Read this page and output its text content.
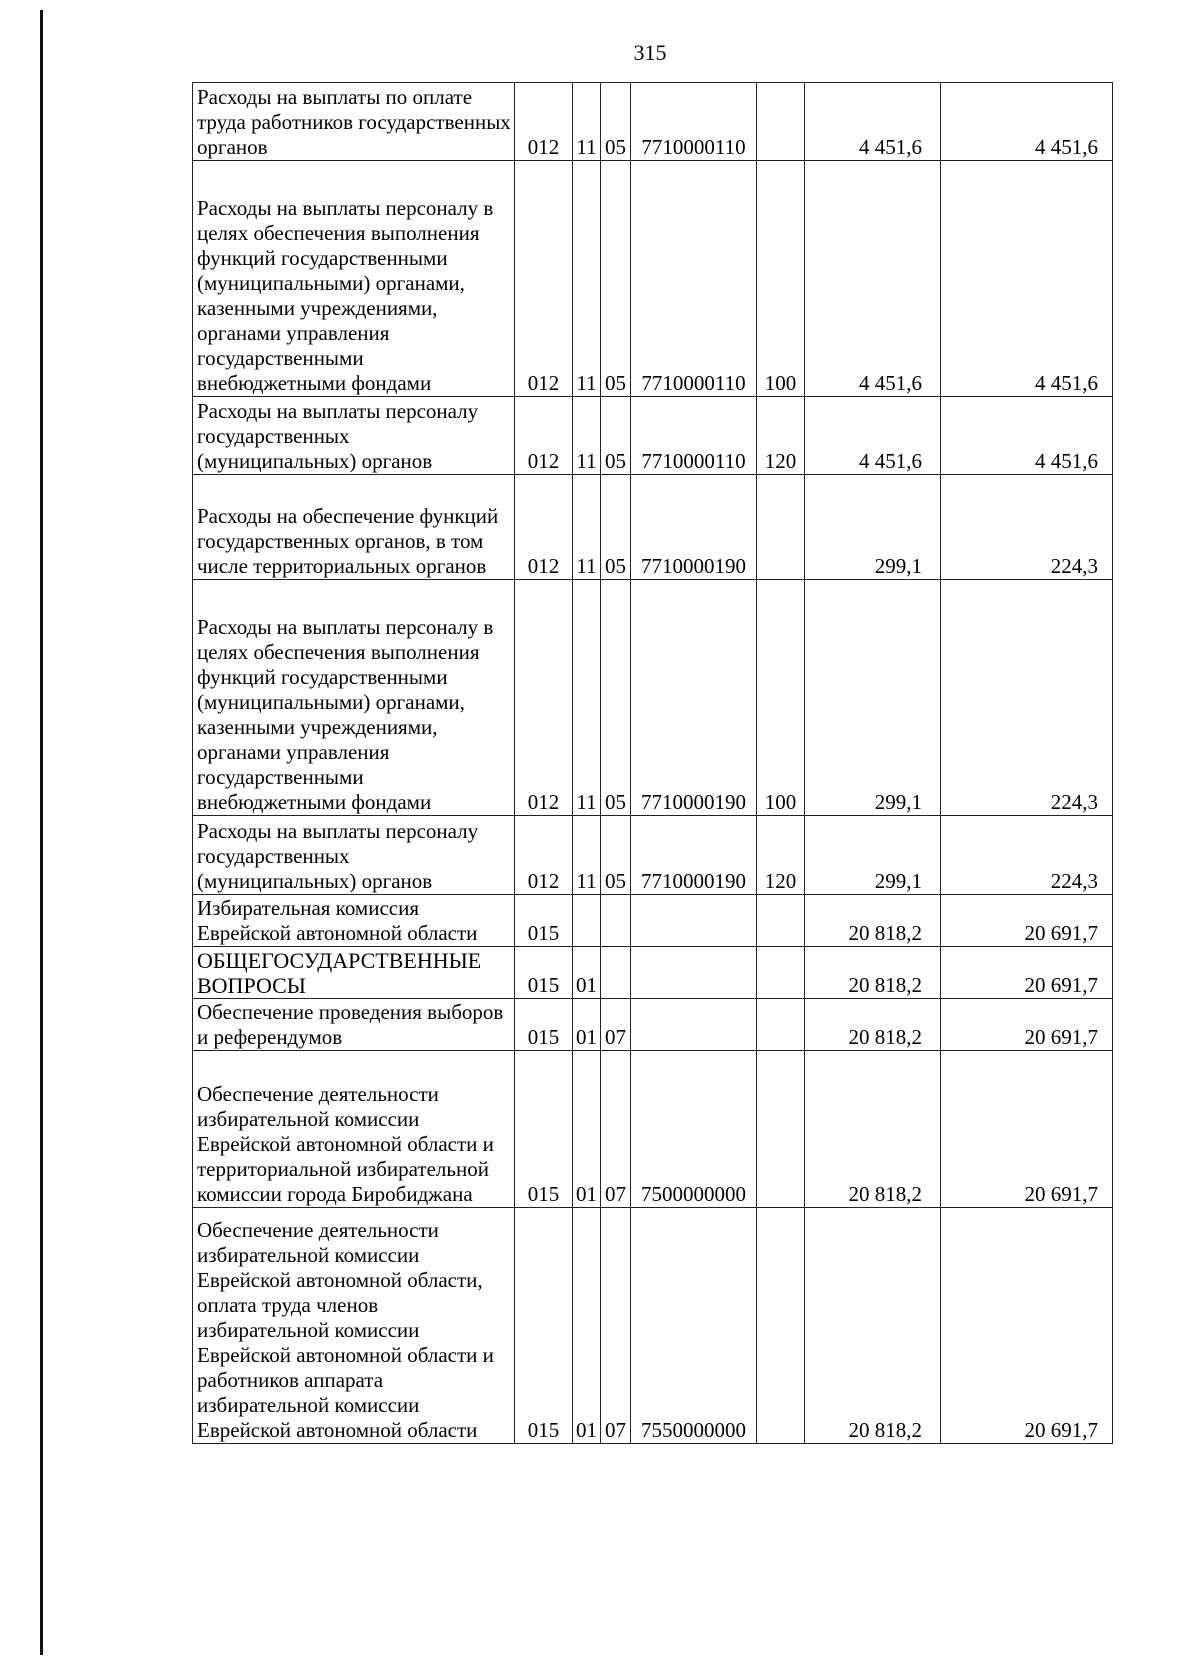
315
Расходы на выплаты по оплате труда работников государственных органов	012	11	05	7710000110		4 451,6	4 451,6
Расходы на выплаты персоналу в целях обеспечения выполнения функций государственными (муниципальными) органами, казенными учреждениями, органами управления государственными внебюджетными фондами	012	11	05	7710000110	100	4 451,6	4 451,6
Расходы на выплаты персоналу государственных (муниципальных) органов	012	11	05	7710000110	120	4 451,6	4 451,6
Расходы на обеспечение функций государственных органов, в том числе территориальных органов	012	11	05	7710000190		299,1	224,3
Расходы на выплаты персоналу в целях обеспечения выполнения функций государственными (муниципальными) органами, казенными учреждениями, органами управления государственными внебюджетными фондами	012	11	05	7710000190	100	299,1	224,3
Расходы на выплаты персоналу государственных (муниципальных) органов	012	11	05	7710000190	120	299,1	224,3
Избирательная комиссия Еврейской автономной области	015					20 818,2	20 691,7
ОБЩЕГОСУДАРСТВЕННЫЕ ВОПРОСЫ	015	01				20 818,2	20 691,7
Обеспечение проведения выборов и референдумов	015	01	07			20 818,2	20 691,7
Обеспечение деятельности избирательной комиссии Еврейской автономной области и территориальной избирательной комиссии города Биробиджана	015	01	07	7500000000		20 818,2	20 691,7
Обеспечение деятельности избирательной комиссии Еврейской автономной области, оплата труда членов избирательной комиссии Еврейской автономной области и работников аппарата избирательной комиссии Еврейской автономной области	015	01	07	7550000000		20 818,2	20 691,7
